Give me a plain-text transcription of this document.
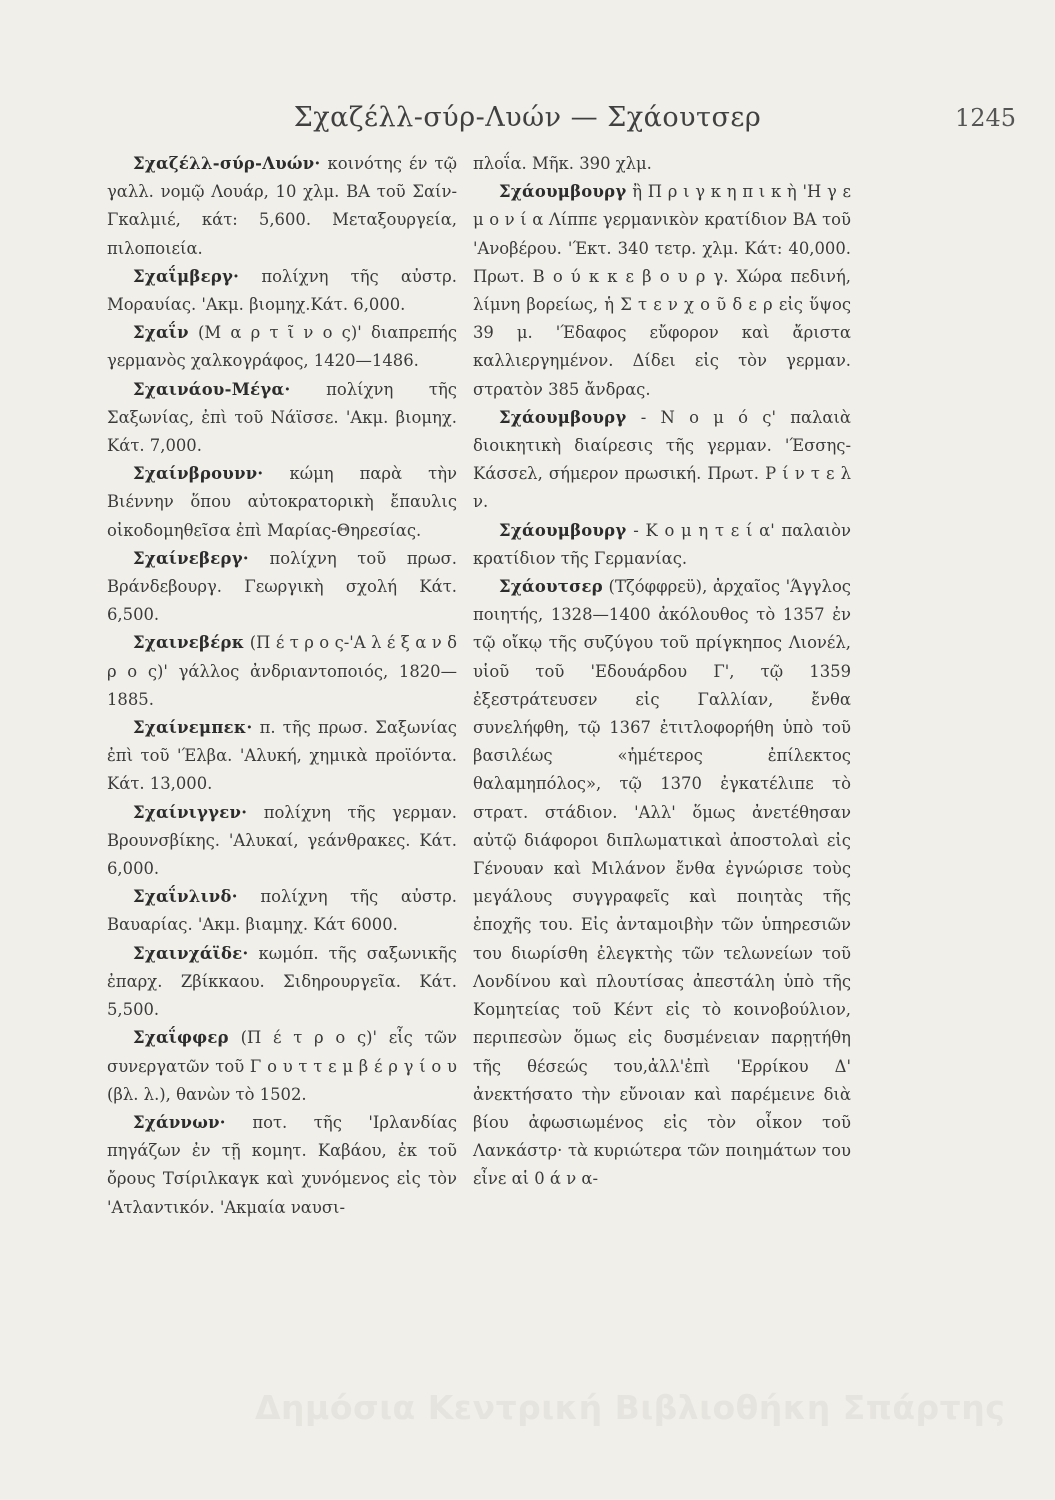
Σχαζέλλ-σύρ-Λυών — Σχάουτσερ	1245

Σχαζέλλ-σύρ-Λυών· κοινότης έν τῷ γαλλ. νομῷ Λουάρ, 10 χλμ. ΒΑ τοῦ Σαίν-Γκαλμιέ, κάτ: 5,600. Μεταξουργεία, πιλοποιεία.

Σχαΐμβεργ· πολίχνη τῆς αὐστρ. Μοραυίας. 'Ακμ. βιομηχ.Κάτ. 6,000.

Σχαΐν (Μ α ρ τ ῖ ν ο ς)' διαπρεπής γερμανὸς χαλκογράφος, 1420—1486.

Σχαινάου-Μέγα· πολίχνη τῆς Σαξωνίας, ἐπὶ τοῦ Νάϊσσε. 'Ακμ. βιομηχ. Κάτ. 7,000.

Σχαίνβρουνν· κώμη παρὰ τὴν Βιέννην ὅπου αὐτοκρατορικὴ ἔπαυλις οἰκοδομηθεῖσα ἐπὶ Μαρίας-Θηρεσίας.

Σχαίνεβεργ· πολίχνη τοῦ πρωσ. Βράνδεβουργ. Γεωργικὴ σχολή Κάτ. 6,500.

Σχαινεβέρκ (Π έ τ ρ ο ς-'Α λ έ ξ α ν δ ρ ο ς)' γάλλος ἀνδριαντοποιός, 1820—1885.

Σχαίνεμπεκ· π. τῆς πρωσ. Σαξωνίας ἐπὶ τοῦ 'Έλβα. 'Αλυκή, χημικὰ προϊόντα. Κάτ. 13,000.

Σχαίνιγγεν· πολίχνη τῆς γερμαν. Βρουνσβίκης. 'Αλυκαί, γεάνθρακες. Κάτ. 6,000.

Σχαΐνλινδ· πολίχνη τῆς αὐστρ. Βαυαρίας. 'Ακμ. βιαμηχ. Κάτ 6000.

Σχαινχάϊδε· κωμόπ. τῆς σαξωνικῆς ἐπαρχ. Ζβίκκαου. Σιδηρουργεῖα. Κάτ. 5,500.

Σχαΐφφερ (Π έ τ ρ ο ς)' εἷς τῶν συνεργατῶν τοῦ Γ ο υ τ τ ε μ β έ ρ γ ί ο υ (βλ. λ.), θανὼν τὸ 1502.

Σχάννων· ποτ. τῆς 'Ιρλανδίας πηγάζων ἐν τῇ κομητ. Καβάου, ἐκ τοῦ ὄρους Τσίριλκαγκ καὶ χυνόμενος εἰς τὸν 'Ατλαντικόν. 'Ακμαία ναυσι-

πλοΐα. Μῆκ. 390 χλμ.

Σχάουμβουργ ἢ Π ρ ι γ κ η π ι κ ὴ 'Η γ ε μ ο ν ί α Λίππε γερμανικὸν κρατίδιον ΒΑ τοῦ 'Ανοβέρου. 'Έκτ. 340 τετρ. χλμ. Κάτ: 40,000. Πρωτ. Β ο ύ κ κ ε β ο υ ρ γ. Χώρα πεδινή, λίμνη βορείως, ἡ Σ τ ε ν χ ο ῦ δ ε ρ εἰς ὕψος 39 μ. 'Έδαφος εὔφορον καὶ ἄριστα καλλιεργημένον. Δίδει εἰς τὸν γερμαν. στρατὸν 385 ἄνδρας.

Σχάουμβουργ - Ν ο μ ό ς' παλαιὰ διοικητικὴ διαίρεσις τῆς γερμαν. 'Έσσης-Κάσσελ, σήμερον πρωσική. Πρωτ. Ρ ί ν τ ε λ ν.

Σχάουμβουργ - Κ ο μ η τ ε ί α' παλαιὸν κρατίδιον τῆς Γερμανίας.

Σχάουτσερ (Τζόφφρεϋ), ἀρχαῖος 'Άγγλος ποιητής, 1328—1400 ἀκόλουθος τὸ 1357 ἐν τῷ οἴκῳ τῆς συζύγου τοῦ πρίγκηπος Λιονέλ, υἱοῦ τοῦ 'Εδουάρδου Γ', τῷ 1359 ἐξεστράτευσεν εἰς Γαλλίαν, ἔνθα συνελήφθη, τῷ 1367 ἐτιτλοφορήθη ὑπὸ τοῦ βασιλέως «ἡμέτερος ἐπίλεκτος θαλαμηπόλος», τῷ 1370 ἐγκατέλιπε τὸ στρατ. στάδιον. 'Αλλ' ὅμως ἀνετέθησαν αὐτῷ διάφοροι διπλωματικαὶ ἀποστολαὶ εἰς Γένουαν καὶ Μιλάνον ἔνθα ἐγνώρισε τοὺς μεγάλους συγγραφεῖς καὶ ποιητὰς τῆς ἐποχῆς του. Εἰς ἀνταμοιβὴν τῶν ὑπηρεσιῶν του διωρίσθη ἐλεγκτὴς τῶν τελωνείων τοῦ Λονδίνου καὶ πλουτίσας ἀπεστάλη ὑπὸ τῆς Κομητείας τοῦ Κέντ εἰς τὸ κοινοβούλιον, περιπεσὼν ὅμως εἰς δυσμένειαν παρῃτήθη τῆς θέσεώς του,ἀλλ'ἐπὶ 'Ερρίκου Δ' ἀνεκτήσατο τὴν εὔνοιαν καὶ παρέμεινε διὰ βίου ἀφωσιωμένος εἰς τὸν οἶκον τοῦ Λανκάστρ· τὰ κυριώτερα τῶν ποιημάτων του εἶνε αἱ 0 ά ν α-

Δημόσια Κεντρική Βιβλιοθήκη Σπάρτης
